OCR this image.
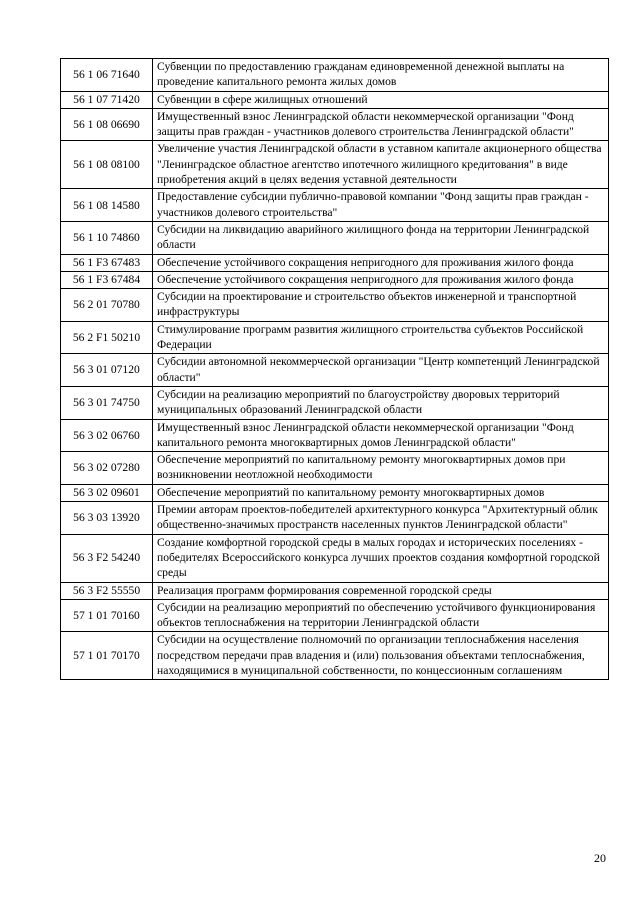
56 1 06 71640	Субвенции по предоставлению гражданам единовременной денежной выплаты на проведение капитального ремонта жилых домов
56 1 07 71420	Субвенции в сфере жилищных отношений
56 1 08 06690	Имущественный взнос Ленинградской области некоммерческой организации "Фонд защиты прав граждан - участников долевого строительства Ленинградской области"
56 1 08 08100	Увеличение участия Ленинградской области в уставном капитале акционерного общества "Ленинградское областное агентство ипотечного жилищного кредитования" в виде приобретения акций в целях ведения уставной деятельности
56 1 08 14580	Предоставление субсидии публично-правовой компании "Фонд защиты прав граждан - участников долевого строительства"
56 1 10 74860	Субсидии на ликвидацию аварийного жилищного фонда на территории Ленинградской области
56 1 F3 67483	Обеспечение устойчивого сокращения непригодного для проживания жилого фонда
56 1 F3 67484	Обеспечение устойчивого сокращения непригодного для проживания жилого фонда
56 2 01 70780	Субсидии на проектирование и строительство объектов инженерной и транспортной инфраструктуры
56 2 F1 50210	Стимулирование программ развития жилищного строительства субъектов Российской Федерации
56 3 01 07120	Субсидии автономной некоммерческой организации "Центр компетенций Ленинградской области"
56 3 01 74750	Субсидии на реализацию мероприятий по благоустройству дворовых территорий муниципальных образований Ленинградской области
56 3 02 06760	Имущественный взнос Ленинградской области некоммерческой организации "Фонд капитального ремонта многоквартирных домов Ленинградской области"
56 3 02 07280	Обеспечение мероприятий по капитальному ремонту многоквартирных домов при возникновении неотложной необходимости
56 3 02 09601	Обеспечение мероприятий по капитальному ремонту многоквартирных домов
56 3 03 13920	Премии авторам проектов-победителей архитектурного конкурса "Архитектурный облик общественно-значимых пространств населенных пунктов Ленинградской области"
56 3 F2 54240	Создание комфортной городской среды в малых городах и исторических поселениях - победителях Всероссийского конкурса лучших проектов создания комфортной городской среды
56 3 F2 55550	Реализация программ формирования современной городской среды
57 1 01 70160	Субсидии на реализацию мероприятий по обеспечению устойчивого функционирования объектов теплоснабжения на территории Ленинградской области
57 1 01 70170	Субсидии на осуществление полномочий по организации теплоснабжения населения посредством передачи прав владения и (или) пользования объектами теплоснабжения, находящимися в муниципальной собственности, по концессионным соглашениям
20
